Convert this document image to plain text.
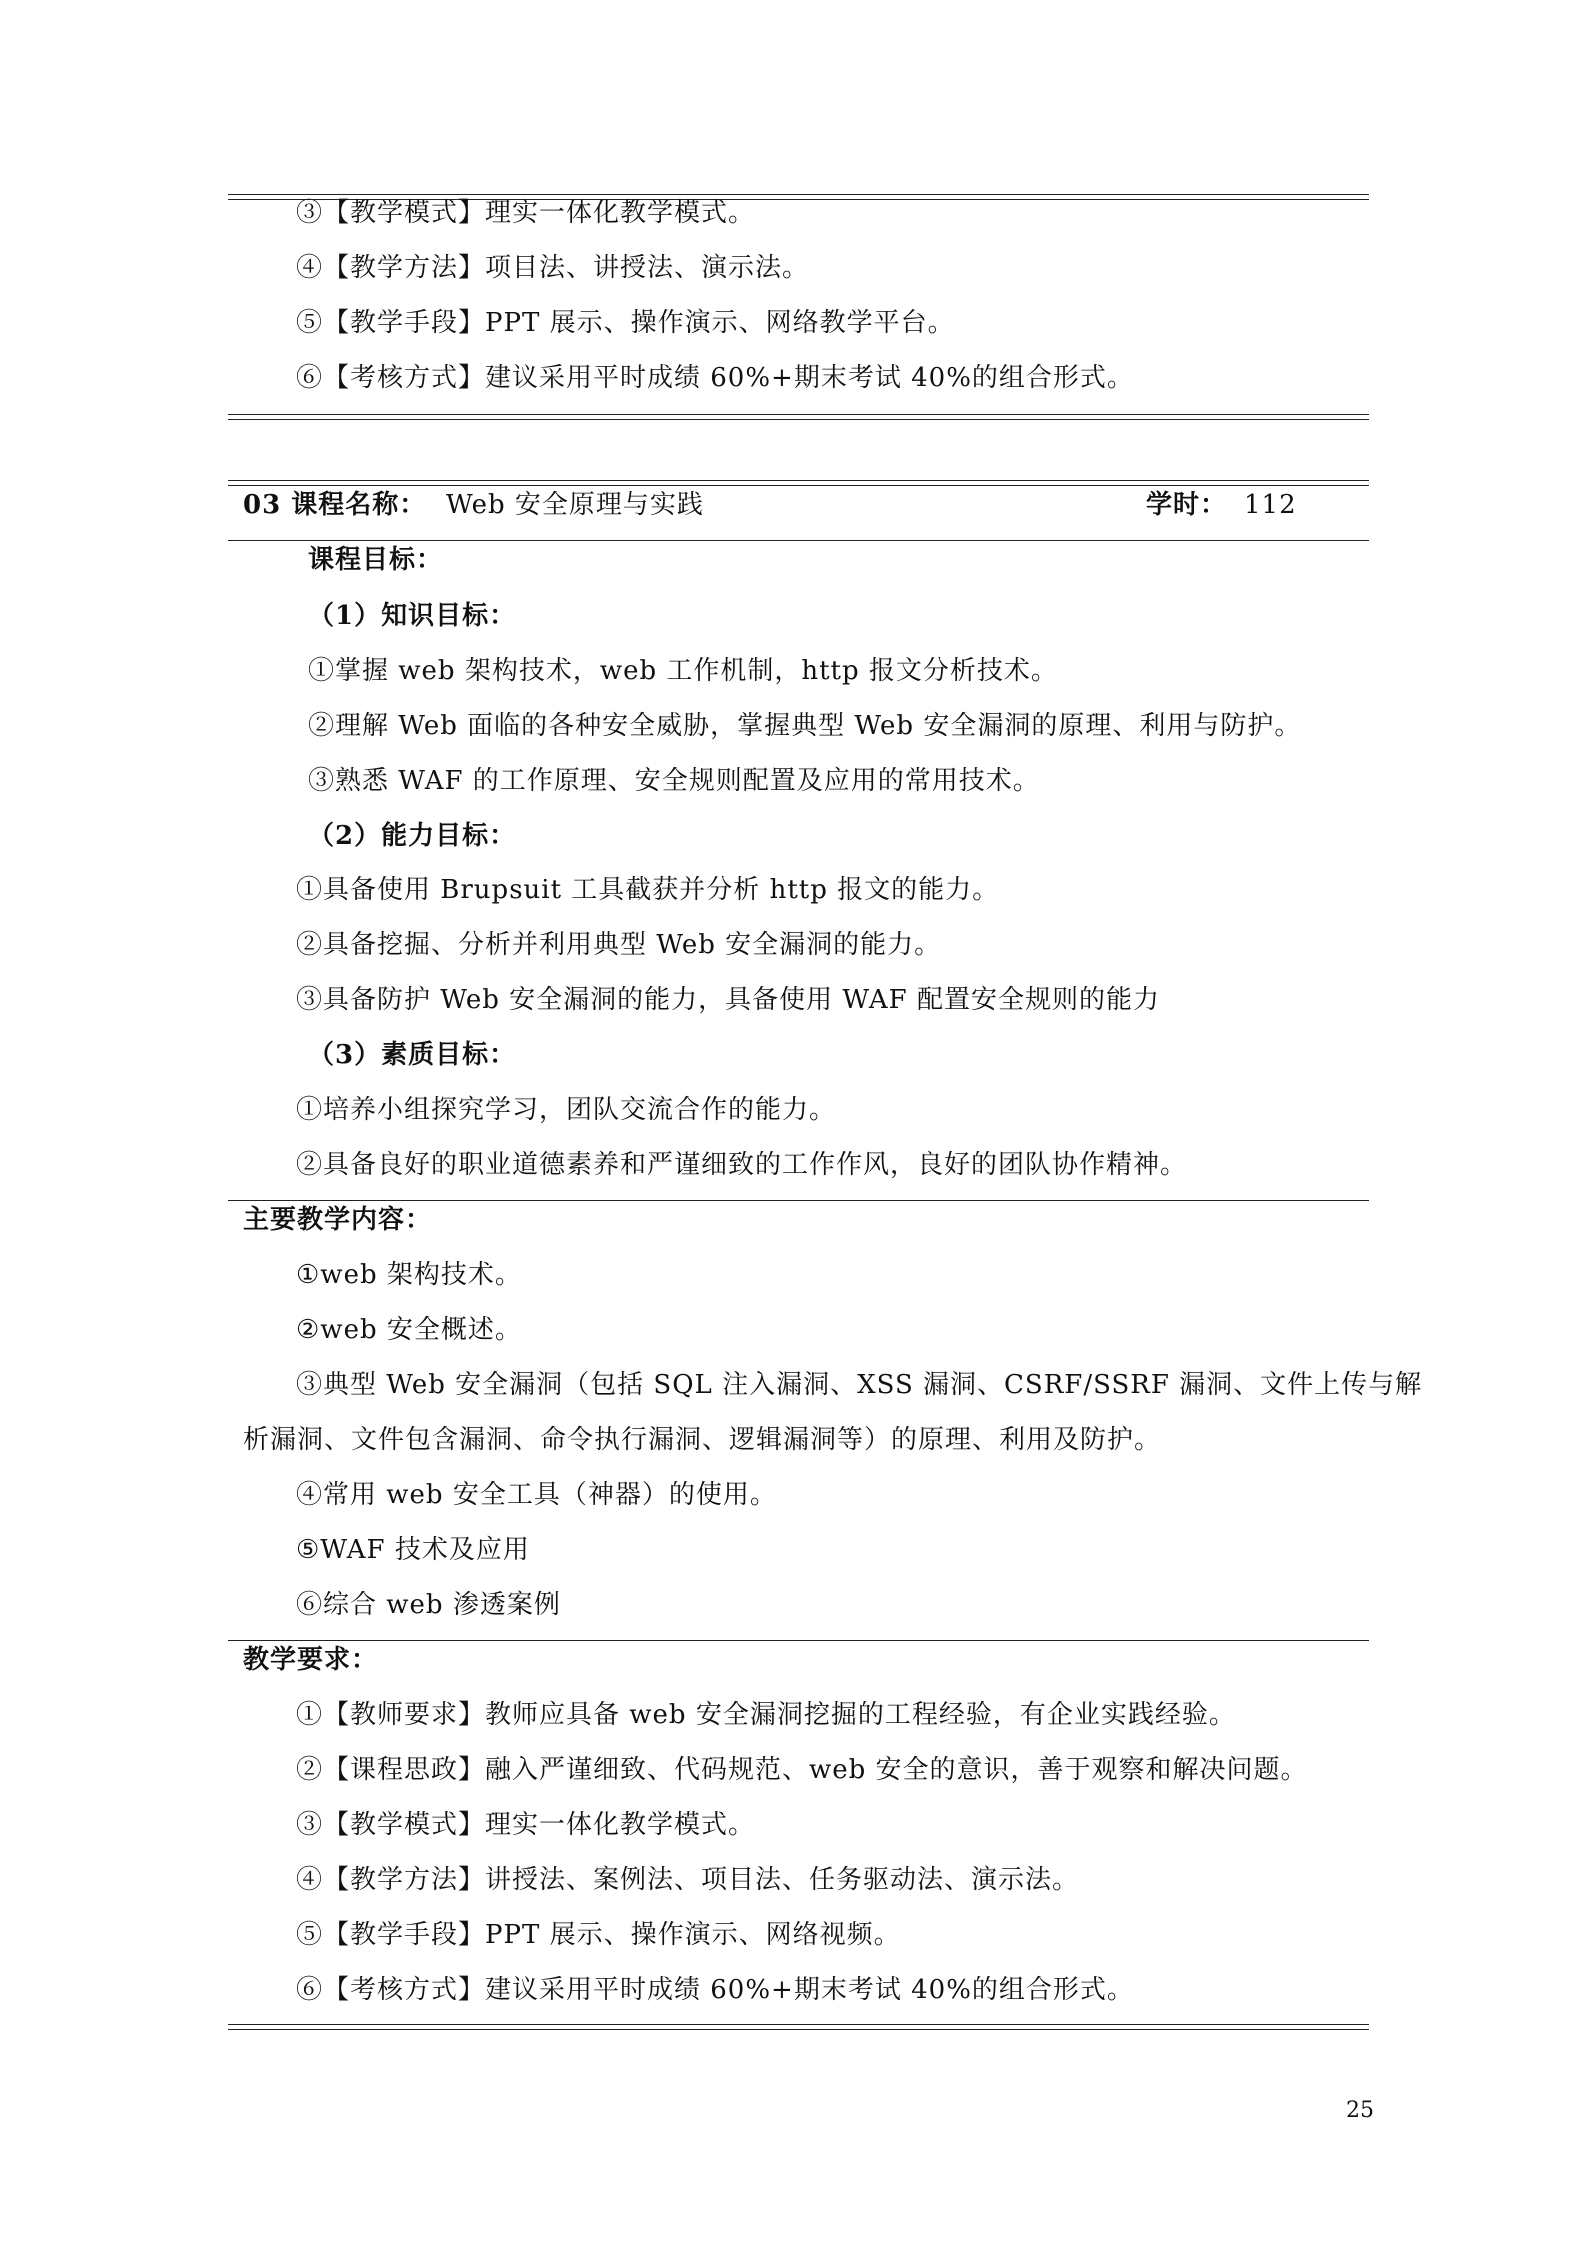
③【教学模式】理实一体化教学模式。
④【教学方法】项目法、讲授法、演示法。
⑤【教学手段】PPT 展示、操作演示、网络教学平台。
⑥【考核方式】建议采用平时成绩 60%+期末考试 40%的组合形式。
03 课程名称： Web 安全原理与实践	学时： 112
课程目标：
（1）知识目标：
①掌握 web 架构技术，web 工作机制，http 报文分析技术。
②理解 Web 面临的各种安全威胁，掌握典型 Web 安全漏洞的原理、利用与防护。
③熟悉 WAF 的工作原理、安全规则配置及应用的常用技术。
（2）能力目标：
①具备使用 Brupsuit 工具截获并分析 http 报文的能力。
②具备挖掘、分析并利用典型 Web 安全漏洞的能力。
③具备防护 Web 安全漏洞的能力，具备使用 WAF 配置安全规则的能力
（3）素质目标：
①培养小组探究学习，团队交流合作的能力。
②具备良好的职业道德素养和严谨细致的工作作风，良好的团队协作精神。
主要教学内容：
①web 架构技术。
②web 安全概述。
③典型 Web 安全漏洞（包括 SQL 注入漏洞、XSS 漏洞、CSRF/SSRF 漏洞、文件上传与解
析漏洞、文件包含漏洞、命令执行漏洞、逻辑漏洞等）的原理、利用及防护。
④常用 web 安全工具（神器）的使用。
⑤WAF 技术及应用
⑥综合 web 渗透案例
教学要求：
①【教师要求】教师应具备 web 安全漏洞挖掘的工程经验，有企业实践经验。
②【课程思政】融入严谨细致、代码规范、web 安全的意识，善于观察和解决问题。
③【教学模式】理实一体化教学模式。
④【教学方法】讲授法、案例法、项目法、任务驱动法、演示法。
⑤【教学手段】PPT 展示、操作演示、网络视频。
⑥【考核方式】建议采用平时成绩 60%+期末考试 40%的组合形式。
25
